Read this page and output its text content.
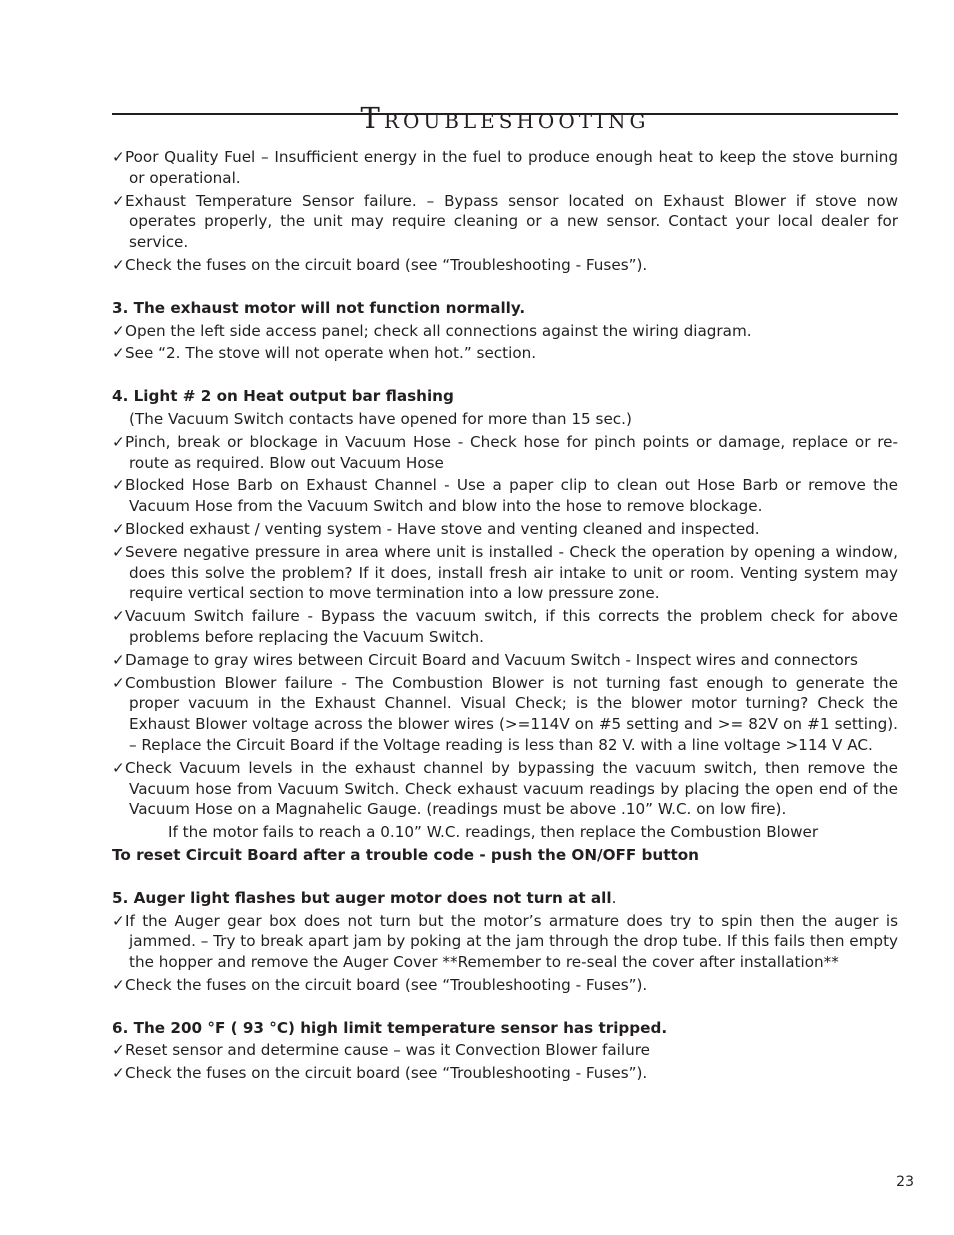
Troubleshooting

✓Poor Quality Fuel – Insufficient energy in the fuel to produce enough heat to keep the stove burning or operational.

✓Exhaust Temperature Sensor failure. – Bypass sensor located on Exhaust Blower if stove now operates properly, the unit may require cleaning or a new sensor. Contact your local dealer for service.

✓Check the fuses on the circuit board (see “Troubleshooting - Fuses”).

3. The exhaust motor will not function normally.

✓Open the left side access panel; check all connections against the wiring diagram.

✓See “2. The stove will not operate when hot.” section.

4. Light # 2 on Heat output bar flashing

(The Vacuum Switch contacts have opened for more than 15 sec.)

✓Pinch, break or blockage in Vacuum Hose - Check hose for pinch points or damage, replace or re-route as required. Blow out Vacuum Hose

✓Blocked Hose Barb on Exhaust Channel - Use a paper clip to clean out Hose Barb or remove the Vacuum Hose from the Vacuum Switch and blow into the hose to remove blockage.

✓Blocked exhaust / venting system - Have stove and venting cleaned and inspected.

✓Severe negative pressure in area where unit is installed - Check the operation by opening a window, does this solve the problem? If it does, install fresh air intake to unit or room. Venting system may require vertical section to move termination into a low pressure zone.

✓Vacuum Switch failure - Bypass the vacuum switch, if this corrects the problem check for above problems before replacing the Vacuum Switch.

✓Damage to gray wires between Circuit Board and Vacuum Switch - Inspect wires and connectors

✓Combustion Blower failure - The Combustion Blower is not turning fast enough to generate the proper vacuum in the Exhaust Channel. Visual Check; is the blower motor turning? Check the Exhaust Blower voltage across the blower wires (>=114V on #5 setting and >= 82V on #1 setting). – Replace the Circuit Board if the Voltage reading is less than 82 V. with a line voltage >114 V AC.

✓Check Vacuum levels in the exhaust channel by bypassing the vacuum switch, then remove the Vacuum hose from Vacuum Switch. Check exhaust vacuum readings by placing the open end of the Vacuum Hose on a Magnahelic Gauge. (readings must be above .10” W.C. on low fire).

If the motor fails to reach a 0.10” W.C. readings, then replace the Combustion Blower

To reset Circuit Board after a trouble code - push the ON/OFF button

5. Auger light flashes but auger motor does not turn at all.

✓If the Auger gear box does not turn but the motor’s armature does try to spin then the auger is jammed. – Try to break apart jam by poking at the jam through the drop tube. If this fails then empty the hopper and remove the Auger Cover **Remember to re-seal the cover after installation**

✓Check the fuses on the circuit board (see “Troubleshooting - Fuses”).

6. The 200 °F ( 93 °C) high limit temperature sensor has tripped.

✓Reset sensor and determine cause – was it Convection Blower failure

✓Check the fuses on the circuit board (see “Troubleshooting - Fuses”).

23
